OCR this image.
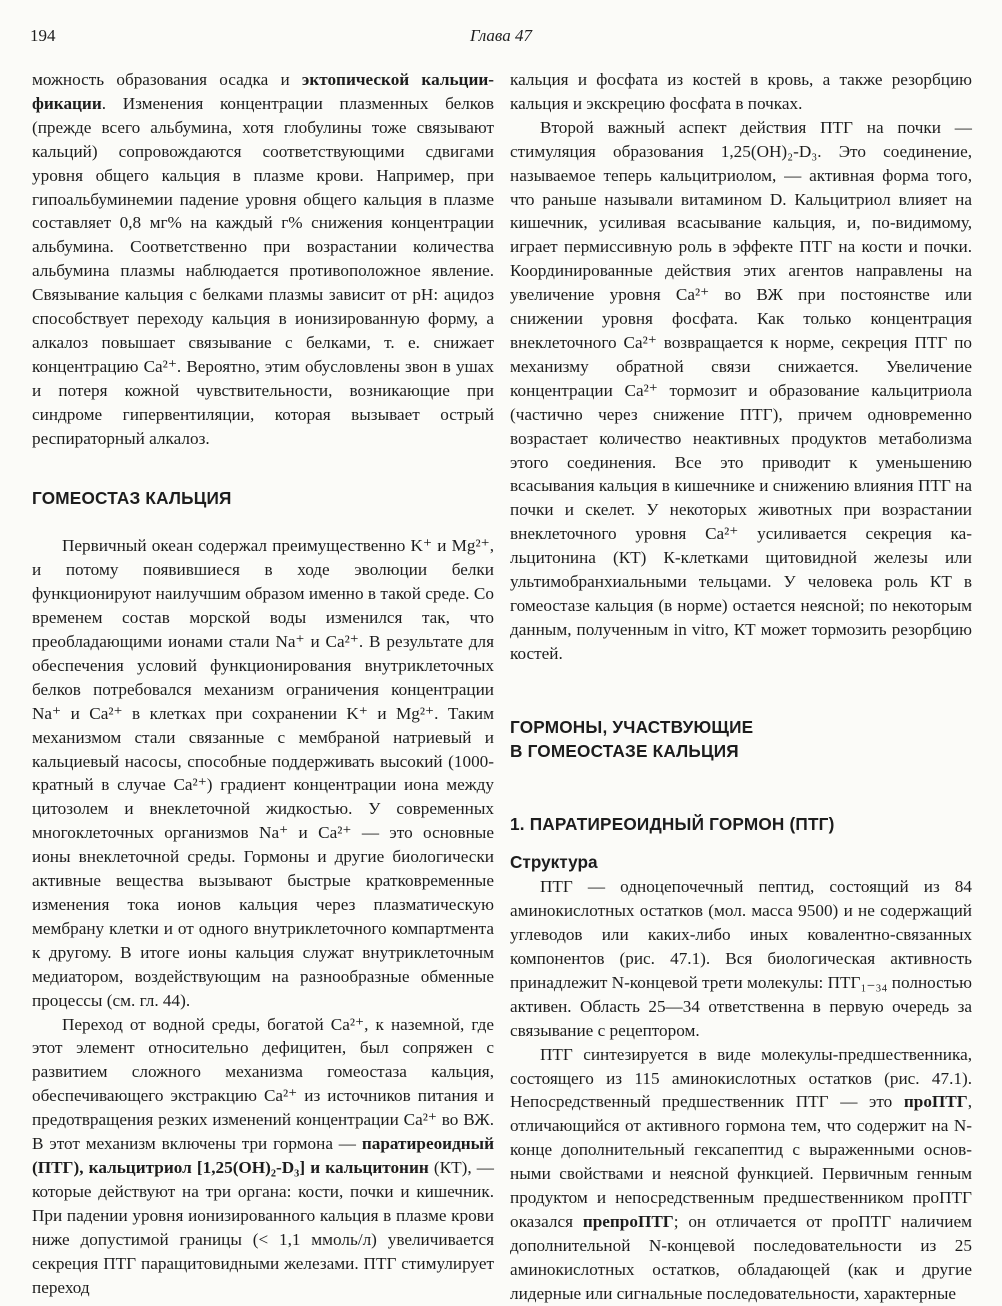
194	Глава 47

можность образования осадка и эктопической кальциификации. Изменения концентрации плазменных белков (прежде всего альбумина, хотя глобулины тоже связывают кальций) сопровождаются соответствующими сдвигами уровня общего кальция в плазме крови. Например, при гипоальбуминемии падение уровня общего кальция в плазме составляет 0,8 мг% на каждый г% снижения концентрации альбумина. Соответственно при возрастании количества альбумина плазмы наблюдается противоположное явление. Связывание кальция с белками плазмы зависит от pH: ацидоз способствует переходу кальция в ионизированную форму, а алкалоз повышает связывание с белками, т. е. снижает концентрацию Ca²⁺. Вероятно, этим обусловлены звон в ушах и потеря кожной чувствительности, возникающие при синдроме гипервентиляции, которая вызывает острый респираторный алкалоз.

ГОМЕОСТАЗ КАЛЬЦИЯ

Первичный океан содержал преимущественно K⁺ и Mg²⁺, и потому появившиеся в ходе эволюции белки функционируют наилучшим образом именно в такой среде. Со временем состав морской воды изменился так, что преобладающими ионами стали Na⁺ и Ca²⁺. В результате для обеспечения условий функционирования внутриклеточных белков потребовался механизм ограничения концентрации Na⁺ и Ca²⁺ в клетках при сохранении K⁺ и Mg²⁺. Таким механизмом стали связанные с мембраной натриевый и кальциевый насосы, способные поддерживать высокий (1000-кратный в случае Ca²⁺) градиент концентрации иона между цитозолем и внеклеточной жидкостью. У современных многоклеточных организмов Na⁺ и Ca²⁺ — это основные ионы внеклеточной среды. Гормоны и другие биологически активные вещества вызывают быстрые кратковременные изменения тока ионов кальция через плазматическую мембрану клетки и от одного внутриклеточного компартмента к другому. В итоге ионы кальция служат внутриклеточным медиатором, воздействующим на разнообразные обменные процессы (см. гл. 44).

Переход от водной среды, богатой Ca²⁺, к наземной, где этот элемент относительно дефицитен, был сопряжен с развитием сложного механизма гомеостаза кальция, обеспечивающего экстракцию Ca²⁺ из источников питания и предотвращения резких изменений концентрации Ca²⁺ во ВЖ. В этот механизм включены три гормона — паратиреоидный (ПТГ), кальцитриол [1,25(OH)₂-D₃] и кальцитонин (КТ), — которые действуют на три органа: кости, почки и кишечник. При падении уровня ионизированного кальция в плазме крови ниже допустимой границы (< 1,1 ммоль/л) увеличивается секреция ПТГ паращитовидными железами. ПТГ стимулирует переход

кальция и фосфата из костей в кровь, а также резорбцию кальция и экскрецию фосфата в почках.

Второй важный аспект действия ПТГ на почки — стимуляция образования 1,25(OH)₂-D₃. Это соединение, называемое теперь кальцитриолом, — активная форма того, что раньше называли витамином D. Кальцитриол влияет на кишечник, усиливая всасывание кальция, и, по-видимому, играет пермиссивную роль в эффекте ПТГ на кости и почки. Координированные действия этих агентов направлены на увеличение уровня Ca²⁺ во ВЖ при постоянстве или снижении уровня фосфата. Как только концентрация внеклеточного Ca²⁺ возвращается к норме, секреция ПТГ по механизму обратной связи снижается. Увеличение концентрации Ca²⁺ тормозит и образование кальцитриола (частично через снижение ПТГ), причем одновременно возрастает количество неактивных продуктов метаболизма этого соединения. Все это приводит к уменьшению всасывания кальция в кишечнике и снижению влияния ПТГ на почки и скелет. У некоторых животных при возрастании внеклеточного уровня Ca²⁺ усиливается секреция кальцитонина (КТ) К-клетками щитовидной железы или ультимобранхиальными тельцами. У человека роль КТ в гомеостазе кальция (в норме) остается неясной; по некоторым данным, полученным in vitro, КТ может тормозить резорбцию костей.

ГОРМОНЫ, УЧАСТВУЮЩИЕ
В ГОМЕОСТАЗЕ КАЛЬЦИЯ
1. ПАРАТИРЕОИДНЫЙ ГОРМОН (ПТГ)
Структура

ПТГ — одноцепочечный пептид, состоящий из 84 аминокислотных остатков (мол. масса 9500) и не содержащий углеводов или каких-либо иных ковалентно-связанных компонентов (рис. 47.1). Вся биологическая активность принадлежит N-концевой трети молекулы: ПТГ₁₋₃₄ полностью активен. Область 25—34 ответственна в первую очередь за связывание с рецептором.

ПТГ синтезируется в виде молекулы-предшественника, состоящего из 115 аминокислотных остатков (рис. 47.1). Непосредственный предшественник ПТГ — это проПТГ, отличающийся от активного гормона тем, что содержит на N-конце дополнительный гексапептид с выраженными основными свойствами и неясной функцией. Первичным генным продуктом и непосредственным предшественником проПТГ оказался препроПТГ; он отличается от проПТГ наличием дополнительной N-концевой последовательности из 25 аминокислотных остатков, обладающей (как и другие лидерные или сигнальные последовательности, характерные
